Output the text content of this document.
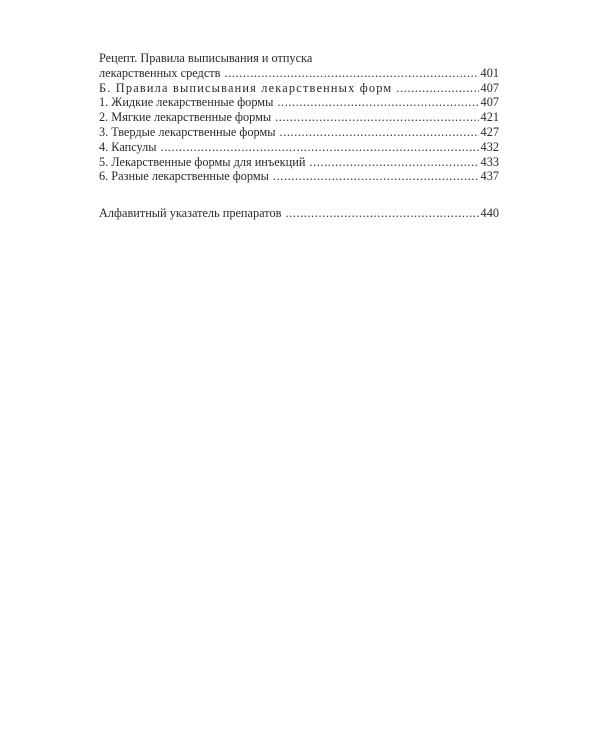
Рецепт. Правила выписывания и отпуска
лекарственных средств .....	401
Б. Правила выписывания лекарственных форм .....	407
1. Жидкие лекарственные формы .....	407
2. Мягкие лекарственные формы .....	421
3. Твердые лекарственные формы .....	427
4. Капсулы .....	432
5. Лекарственные формы для инъекций .....	433
6. Разные лекарственные формы .....	437
Алфавитный указатель препаратов .....	440
